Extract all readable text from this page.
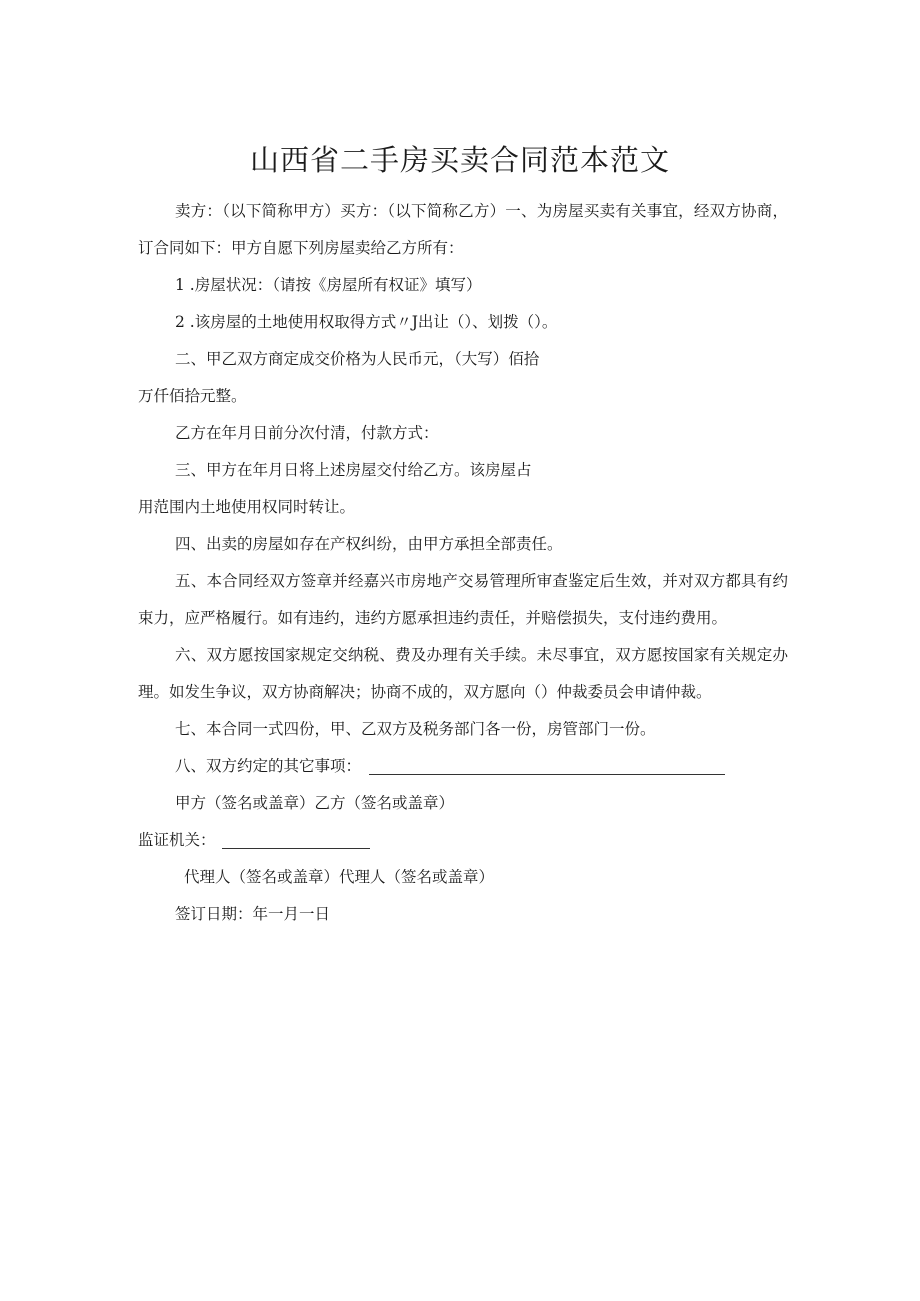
山西省二手房买卖合同范本范文

卖方：（以下简称甲方）买方：（以下简称乙方）一、为房屋买卖有关事宜，经双方协商，订合同如下：甲方自愿下列房屋卖给乙方所有：

1 .房屋状况：（请按《房屋所有权证》填写）

2 .该房屋的土地使用权取得方式〃J出让（）、划拨（）。

二、甲乙双方商定成交价格为人民币元，（大写）佰拾

万仟佰拾元整。

乙方在年月日前分次付清，付款方式：

三、甲方在年月日将上述房屋交付给乙方。该房屋占

用范围内土地使用权同时转让。

四、出卖的房屋如存在产权纠纷，由甲方承担全部责任。

五、本合同经双方签章并经嘉兴市房地产交易管理所审查鉴定后生效，并对双方都具有约束力，应严格履行。如有违约，违约方愿承担违约责任，并赔偿损失，支付违约费用。

六、双方愿按国家规定交纳税、费及办理有关手续。未尽事宜，双方愿按国家有关规定办理。如发生争议，双方协商解决；协商不成的，双方愿向（）仲裁委员会申请仲裁。

七、本合同一式四份，甲、乙双方及税务部门各一份，房管部门一份。

八、双方约定的其它事项：

甲方（签名或盖章）乙方（签名或盖章）

监证机关：

代理人（签名或盖章）代理人（签名或盖章）

签订日期：年一月一日
